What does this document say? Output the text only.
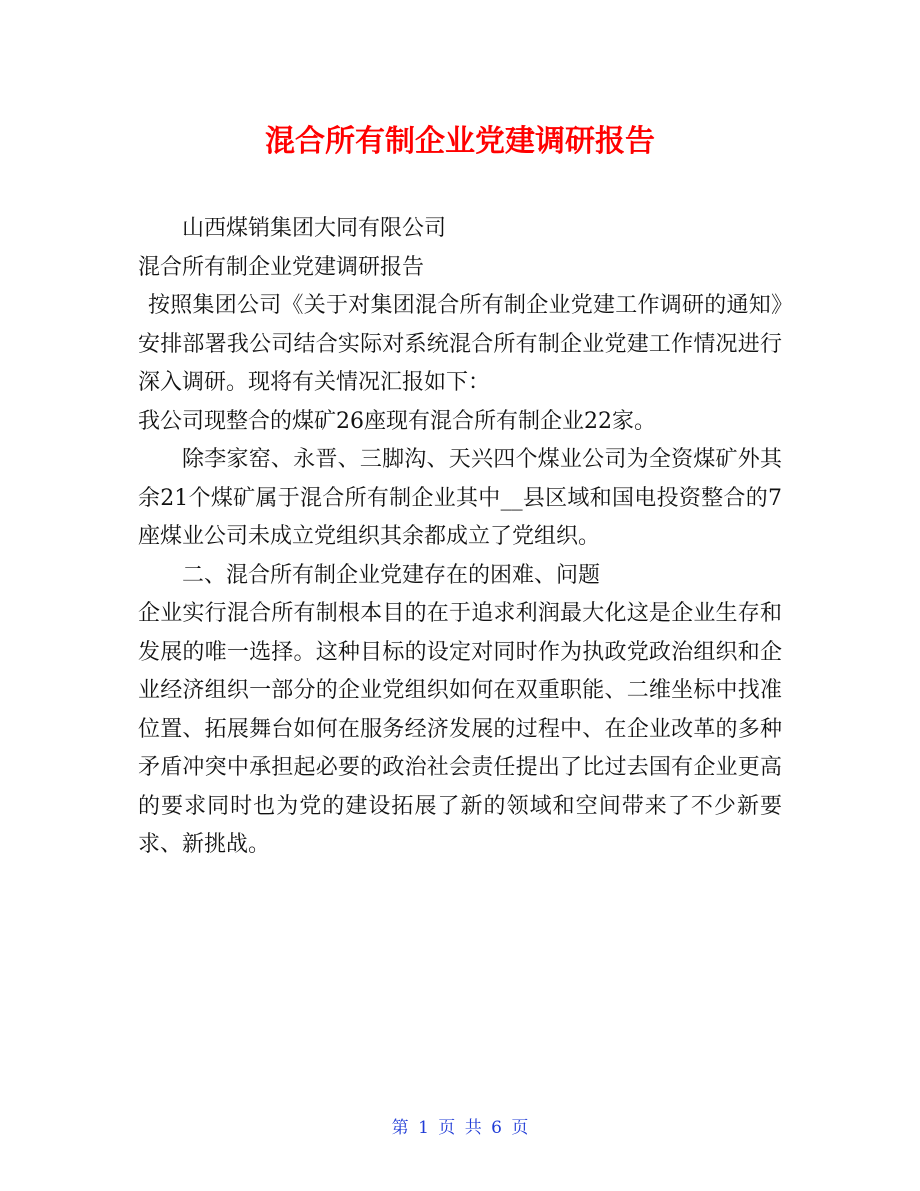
混合所有制企业党建调研报告

山西煤销集团大同有限公司

混合所有制企业党建调研报告

按照集团公司《关于对集团混合所有制企业党建工作调研的通知》安排部署我公司结合实际对系统混合所有制企业党建工作情况进行深入调研。现将有关情况汇报如下：

我公司现整合的煤矿26座现有混合所有制企业22家。

除李家窑、永晋、三脚沟、天兴四个煤业公司为全资煤矿外其余21个煤矿属于混合所有制企业其中__县区域和国电投资整合的7座煤业公司未成立党组织其余都成立了党组织。

二、混合所有制企业党建存在的困难、问题

企业实行混合所有制根本目的在于追求利润最大化这是企业生存和发展的唯一选择。这种目标的设定对同时作为执政党政治组织和企业经济组织一部分的企业党组织如何在双重职能、二维坐标中找准位置、拓展舞台如何在服务经济发展的过程中、在企业改革的多种矛盾冲突中承担起必要的政治社会责任提出了比过去国有企业更高的要求同时也为党的建设拓展了新的领域和空间带来了不少新要求、新挑战。

第 1 页 共 6 页
